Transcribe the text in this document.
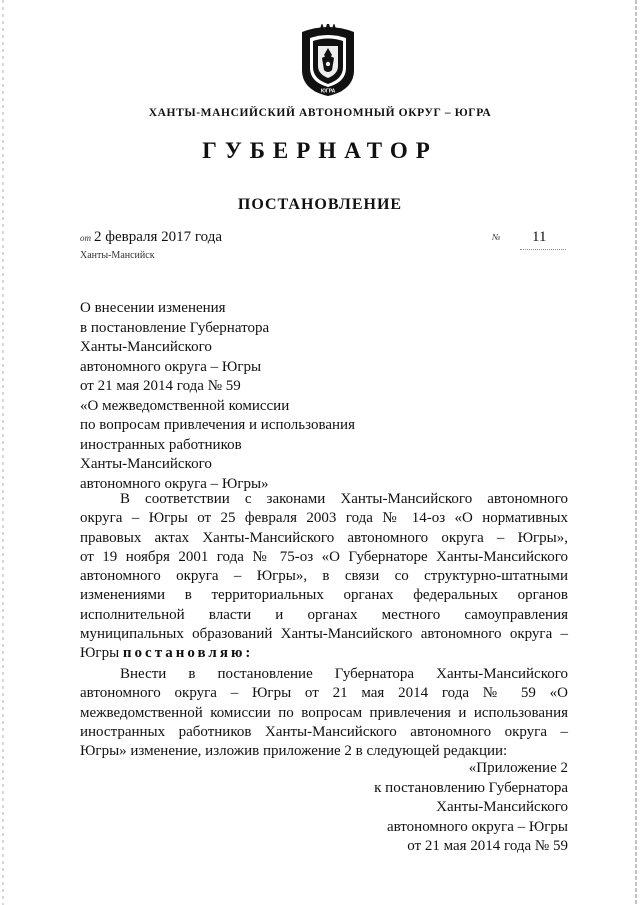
ЮГРА
ХАНТЫ-МАНСИЙСКИЙ АВТОНОМНЫЙ ОКРУГ – ЮГРА
ГУБЕРНАТОР
ПОСТАНОВЛЕНИЕ
от 2 февраля 2017 года
Ханты-Мансийск
№ 11
О внесении изменения
в постановление Губернатора
Ханты-Мансийского
автономного округа – Югры
от 21 мая 2014 года № 59
«О межведомственной комиссии
по вопросам привлечения и использования
иностранных работников
Ханты-Мансийского
автономного округа – Югры»
В соответствии с законами Ханты-Мансийского автономного
округа – Югры от 25 февраля 2003 года № 14-оз «О нормативных
правовых актах Ханты-Мансийского автономного округа – Югры»,
от 19 ноября 2001 года № 75-оз «О Губернаторе Ханты-Мансийского
автономного округа – Югры», в связи со структурно-штатными
изменениями в территориальных органах федеральных органов
исполнительной власти и органах местного самоуправления
муниципальных образований Ханты-Мансийского автономного округа –
Югры постановляю:
Внести в постановление Губернатора Ханты-Мансийского
автономного округа – Югры от 21 мая 2014 года № 59 «О
межведомственной комиссии по вопросам привлечения и использования
иностранных работников Ханты-Мансийского автономного округа –
Югры» изменение, изложив приложение 2 в следующей редакции:
«Приложение 2
к постановлению Губернатора
Ханты-Мансийского
автономного округа – Югры
от 21 мая 2014 года № 59
